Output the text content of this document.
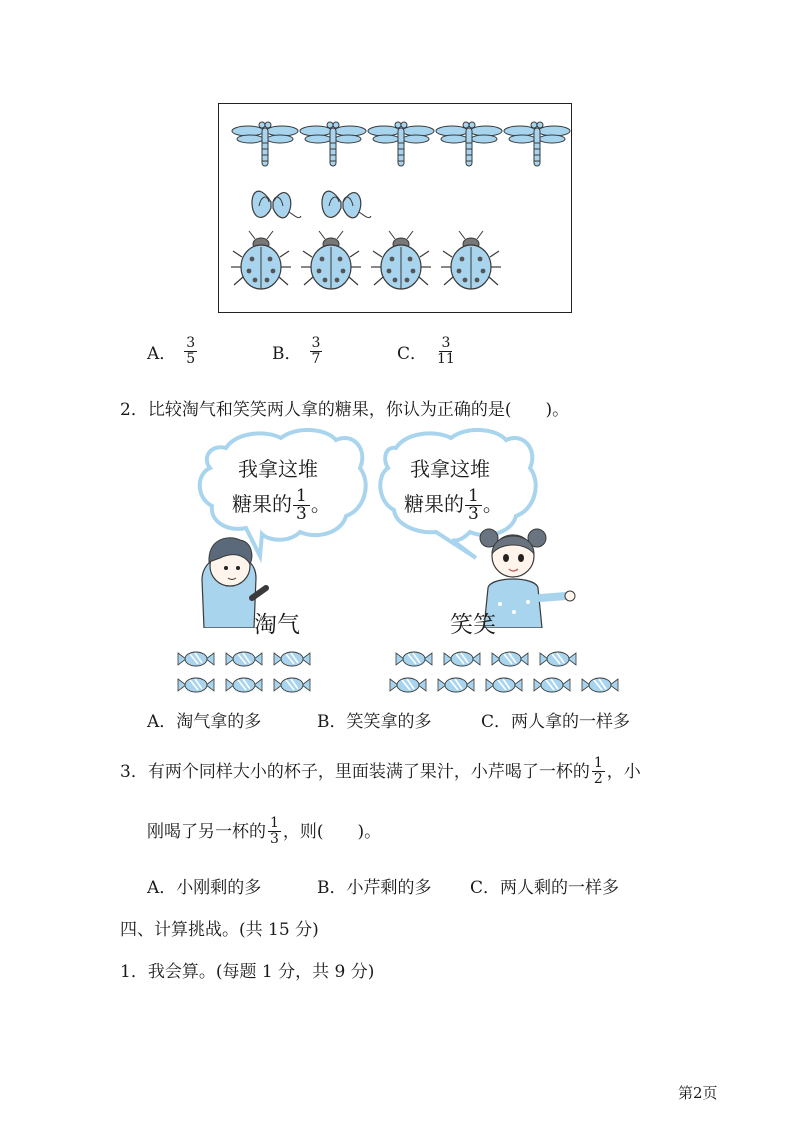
A． $\frac{3}{5}$	B． $\frac{3}{7}$	C． $\frac{3}{11}$
2．比较淘气和笑笑两人拿的糖果，你认为正确的是(　　)。
我拿这堆
糖果的 $\frac{1}{3}$ 。
我拿这堆
糖果的 $\frac{1}{3}$ 。
淘气	笑笑
A．淘气拿的多	B．笑笑拿的多	C．两人拿的一样多
3．有两个同样大小的杯子，里面装满了果汁，小芹喝了一杯的 $\frac{1}{2}$ ，小
刚喝了另一杯的 $\frac{1}{3}$ ，则(　　)。
A．小刚剩的多	B．小芹剩的多 C．两人剩的一样多
四、计算挑战。(共 15 分)
1．我会算。(每题 1 分，共 9 分)
第2页
